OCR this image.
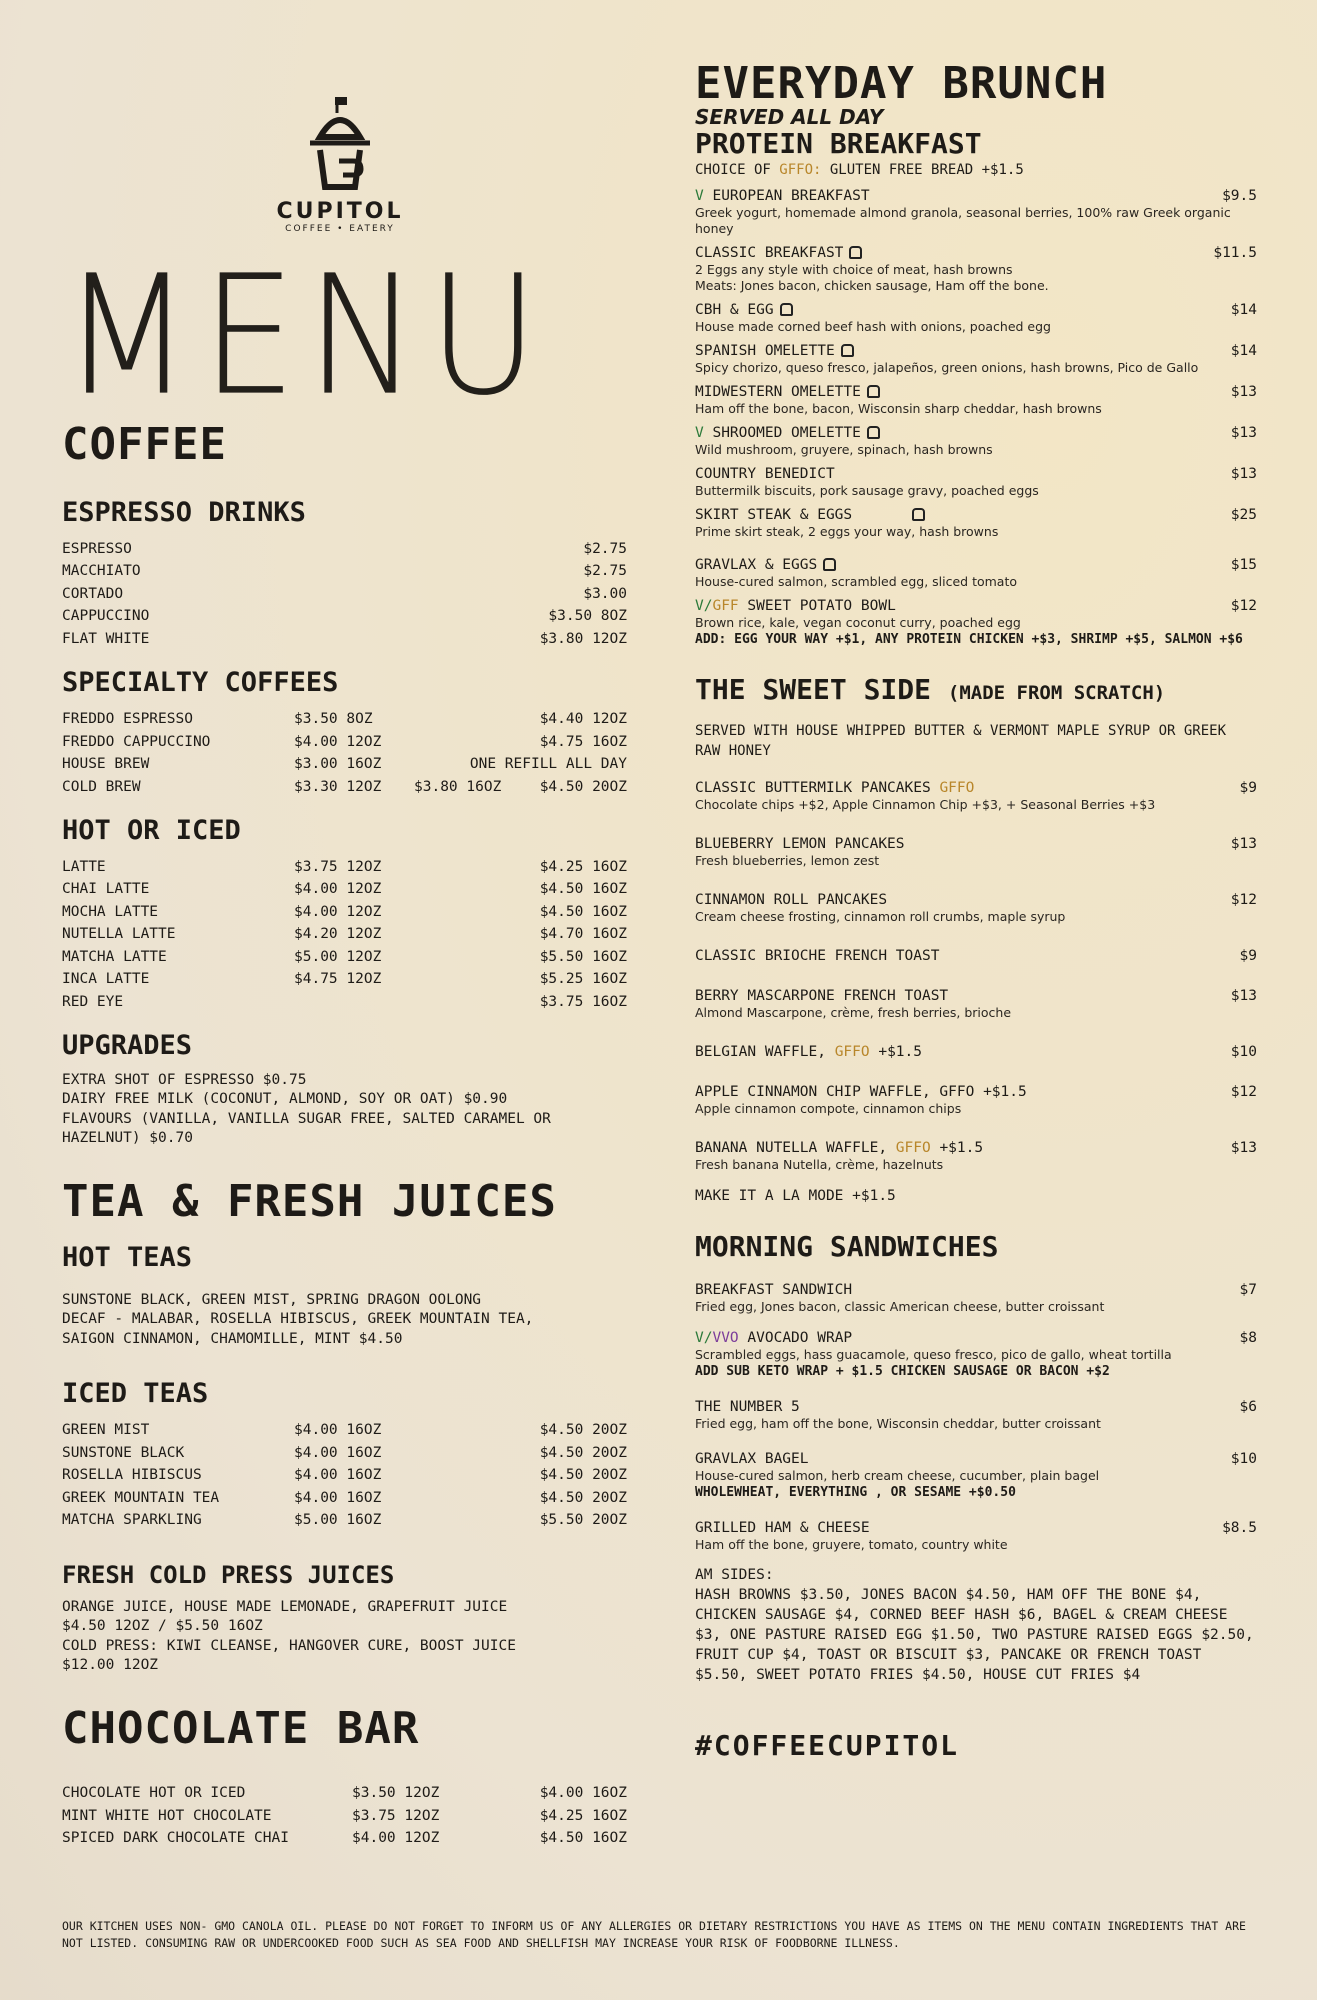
CUPITOL
COFFEE • EATERY
MENU
COFFEE
ESPRESSO DRINKS
ESPRESSO	$2.75
MACCHIATO	$2.75
CORTADO	$3.00
CAPPUCCINO	$3.50 8OZ
FLAT WHITE	$3.80 12OZ
SPECIALTY COFFEES
FREDDO ESPRESSO	$3.50 8OZ	$4.40 12OZ
FREDDO CAPPUCCINO	$4.00 12OZ	$4.75 16OZ
HOUSE BREW	$3.00 16OZ	ONE REFILL ALL DAY
COLD BREW	$3.30 12OZ	$3.80 16OZ	$4.50 20OZ
HOT OR ICED
LATTE	$3.75 12OZ	$4.25 16OZ
CHAI LATTE	$4.00 12OZ	$4.50 16OZ
MOCHA LATTE	$4.00 12OZ	$4.50 16OZ
NUTELLA LATTE	$4.20 12OZ	$4.70 16OZ
MATCHA LATTE	$5.00 12OZ	$5.50 16OZ
INCA LATTE	$4.75 12OZ	$5.25 16OZ
RED EYE	$3.75 16OZ
UPGRADES
EXTRA SHOT OF ESPRESSO $0.75
DAIRY FREE MILK (COCONUT, ALMOND, SOY OR OAT) $0.90
FLAVOURS (VANILLA, VANILLA SUGAR FREE, SALTED CARAMEL OR
HAZELNUT) $0.70
TEA & FRESH JUICES
HOT TEAS
SUNSTONE BLACK, GREEN MIST, SPRING DRAGON OOLONG
DECAF - MALABAR, ROSELLA HIBISCUS, GREEK MOUNTAIN TEA,
SAIGON CINNAMON, CHAMOMILLE, MINT $4.50
ICED TEAS
GREEN MIST	$4.00 16OZ	$4.50 20OZ
SUNSTONE BLACK	$4.00 16OZ	$4.50 20OZ
ROSELLA HIBISCUS	$4.00 16OZ	$4.50 20OZ
GREEK MOUNTAIN TEA	$4.00 16OZ	$4.50 20OZ
MATCHA SPARKLING	$5.00 16OZ	$5.50 20OZ
FRESH COLD PRESS JUICES
ORANGE JUICE, HOUSE MADE LEMONADE, GRAPEFRUIT JUICE
$4.50 12OZ / $5.50 16OZ
COLD PRESS: KIWI CLEANSE, HANGOVER CURE, BOOST JUICE
$12.00 12OZ
CHOCOLATE BAR
CHOCOLATE HOT OR ICED	$3.50 12OZ	$4.00 16OZ
MINT WHITE HOT CHOCOLATE	$3.75 12OZ	$4.25 16OZ
SPICED DARK CHOCOLATE CHAI	$4.00 12OZ	$4.50 16OZ
EVERYDAY BRUNCH
SERVED ALL DAY
PROTEIN BREAKFAST
CHOICE OF GFFO: GLUTEN FREE BREAD +$1.5
V EUROPEAN BREAKFAST	$9.5
Greek yogurt, homemade almond granola, seasonal berries, 100% raw Greek organic honey
CLASSIC BREAKFAST	$11.5
2 Eggs any style with choice of meat, hash browns
Meats: Jones bacon, chicken sausage, Ham off the bone.
CBH & EGG	$14
House made corned beef hash with onions, poached egg
SPANISH OMELETTE	$14
Spicy chorizo, queso fresco, jalapeños, green onions, hash browns, Pico de Gallo
MIDWESTERN OMELETTE	$13
Ham off the bone, bacon, Wisconsin sharp cheddar, hash browns
V SHROOMED OMELETTE	$13
Wild mushroom, gruyere, spinach, hash browns
COUNTRY BENEDICT	$13
Buttermilk biscuits, pork sausage gravy, poached eggs
SKIRT STEAK & EGGS	$25
Prime skirt steak, 2 eggs your way, hash browns
GRAVLAX & EGGS	$15
House-cured salmon, scrambled egg, sliced tomato
V/GFF SWEET POTATO BOWL	$12
Brown rice, kale, vegan coconut curry, poached egg
ADD: EGG YOUR WAY +$1, ANY PROTEIN CHICKEN +$3, SHRIMP +$5, SALMON +$6
THE SWEET SIDE (MADE FROM SCRATCH)
SERVED WITH HOUSE WHIPPED BUTTER & VERMONT MAPLE SYRUP OR GREEK RAW HONEY
CLASSIC BUTTERMILK PANCAKES GFFO	$9
Chocolate chips +$2, Apple Cinnamon Chip +$3, + Seasonal Berries +$3
BLUEBERRY LEMON PANCAKES	$13
Fresh blueberries, lemon zest
CINNAMON ROLL PANCAKES	$12
Cream cheese frosting, cinnamon roll crumbs, maple syrup
CLASSIC BRIOCHE FRENCH TOAST	$9
BERRY MASCARPONE FRENCH TOAST	$13
Almond Mascarpone, crème, fresh berries, brioche
BELGIAN WAFFLE, GFFO +$1.5	$10
APPLE CINNAMON CHIP WAFFLE, GFFO +$1.5	$12
Apple cinnamon compote, cinnamon chips
BANANA NUTELLA WAFFLE, GFFO +$1.5	$13
Fresh banana Nutella, crème, hazelnuts
MAKE IT A LA MODE +$1.5
MORNING SANDWICHES
BREAKFAST SANDWICH	$7
Fried egg, Jones bacon, classic American cheese, butter croissant
V/VVO AVOCADO WRAP	$8
Scrambled eggs, hass guacamole, queso fresco, pico de gallo, wheat tortilla
ADD SUB KETO WRAP + $1.5 CHICKEN SAUSAGE OR BACON +$2
THE NUMBER 5	$6
Fried egg, ham off the bone, Wisconsin cheddar, butter croissant
GRAVLAX BAGEL	$10
House-cured salmon, herb cream cheese, cucumber, plain bagel
WHOLEWHEAT, EVERYTHING , OR SESAME +$0.50
GRILLED HAM & CHEESE	$8.5
Ham off the bone, gruyere, tomato, country white
AM SIDES:
HASH BROWNS $3.50, JONES BACON $4.50, HAM OFF THE BONE $4, CHICKEN SAUSAGE $4, CORNED BEEF HASH $6, BAGEL & CREAM CHEESE $3, ONE PASTURE RAISED EGG $1.50, TWO PASTURE RAISED EGGS $2.50, FRUIT CUP $4, TOAST OR BISCUIT $3, PANCAKE OR FRENCH TOAST $5.50, SWEET POTATO FRIES $4.50, HOUSE CUT FRIES $4
#COFFEECUPITOL
OUR KITCHEN USES NON- GMO CANOLA OIL. PLEASE DO NOT FORGET TO INFORM US OF ANY ALLERGIES OR DIETARY RESTRICTIONS YOU HAVE AS ITEMS ON THE MENU CONTAIN INGREDIENTS THAT ARE NOT LISTED. CONSUMING RAW OR UNDERCOOKED FOOD SUCH AS SEA FOOD AND SHELLFISH MAY INCREASE YOUR RISK OF FOODBORNE ILLNESS.
